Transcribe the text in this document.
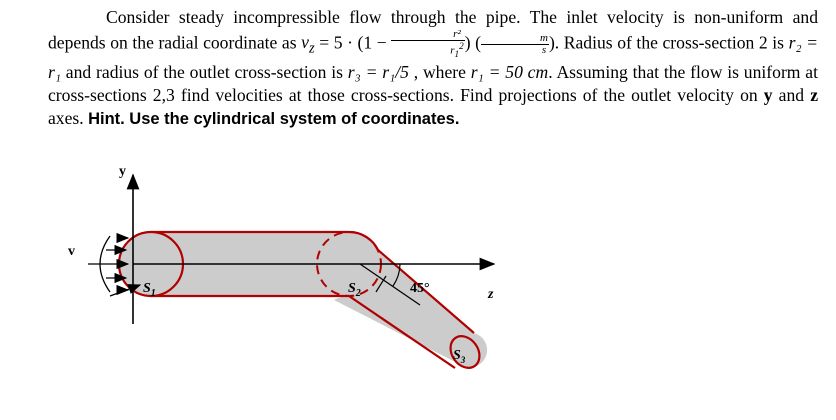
Consider steady incompressible flow through the pipe. The inlet velocity is non-uniform and depends on the radial coordinate as $v_z = 5 \cdot (1 - \frac{\text{r²}}{r_1^2}$ ) ( $\frac{m}{s}$ ). Radius of the cross-section 2 is r₂ = r₁ and radius of the outlet cross-section is r₃ = r₁/5 , where r₁ = 50 cm. Assuming that the flow is uniform at cross-sections 2,3 find velocities at those cross-sections. Find projections of the outlet velocity on y and z axes. Hint. Use the cylindrical system of coordinates.

y
z
v
$S_1$	$S_2$	45°
$S_3$
